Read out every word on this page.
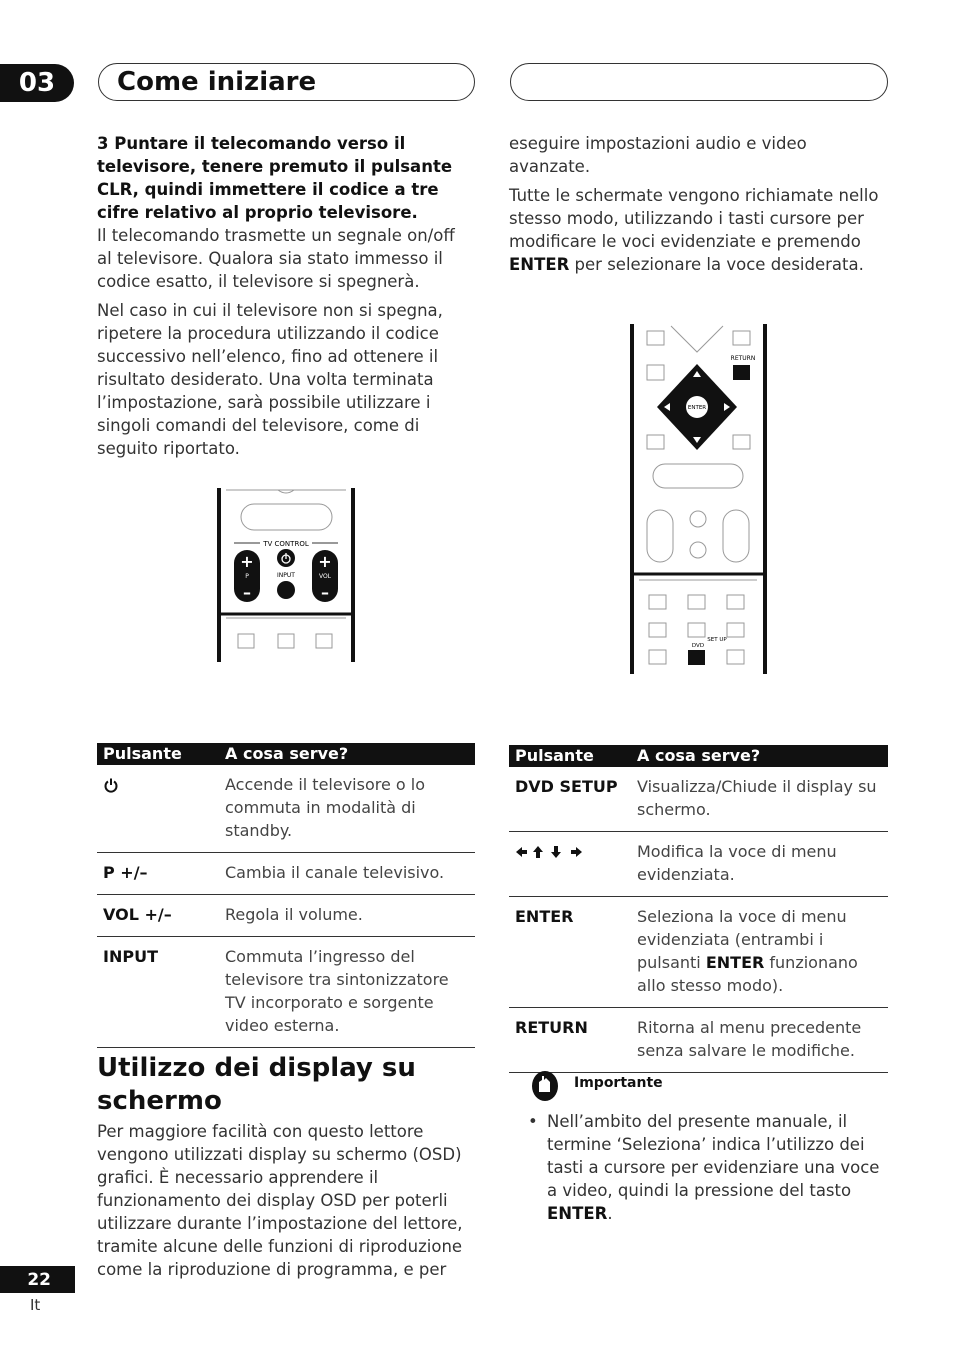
03	Come iniziare
3 Puntare il telecomando verso il televisore, tenere premuto il pulsante CLR, quindi immettere il codice a tre cifre relativo al proprio televisore.
Il telecomando trasmette un segnale on/off al televisore. Qualora sia stato immesso il codice esatto, il televisore si spegnerà.
Nel caso in cui il televisore non si spegna, ripetere la procedura utilizzando il codice successivo nell’elenco, fino ad ottenere il risultato desiderato. Una volta terminata l’impostazione, sarà possibile utilizzare i singoli comandi del televisore, come di seguito riportato.
TV CONTROL
+
–
P	INPUT
+
–
VOL
eseguire impostazioni audio e video avanzate.
Tutte le schermate vengono richiamate nello stesso modo, utilizzando i tasti cursore per modificare le voci evidenziate e premendo ENTER per selezionare la voce desiderata.
RETURN
ENTER
SET UP
DVD
Pulsante	A cosa serve?
	Accende il televisore o lo commuta in modalità di standby.
P +/–	Cambia il canale televisivo.
VOL +/–	Regola il volume.
INPUT	Commuta l’ingresso del televisore tra sintonizzatore TV incorporato e sorgente video esterna.
Pulsante	A cosa serve?
DVD SETUP	Visualizza/Chiude il display su schermo.
	Modifica la voce di menu evidenziata.
ENTER	Seleziona la voce di menu evidenziata (entrambi i pulsanti ENTER funzionano allo stesso modo).
RETURN	Ritorna al menu precedente senza salvare le modifiche.
Utilizzo dei display su schermo
Per maggiore facilità con questo lettore vengono utilizzati display su schermo (OSD) grafici. È necessario apprendere il funzionamento dei display OSD per poterli utilizzare durante l’impostazione del lettore, tramite alcune delle funzioni di riproduzione come la riproduzione di programma, e per
Importante
• Nell’ambito del presente manuale, il termine ‘Seleziona’ indica l’utilizzo dei tasti a cursore per evidenziare una voce a video, quindi la pressione del tasto ENTER.
22
It
